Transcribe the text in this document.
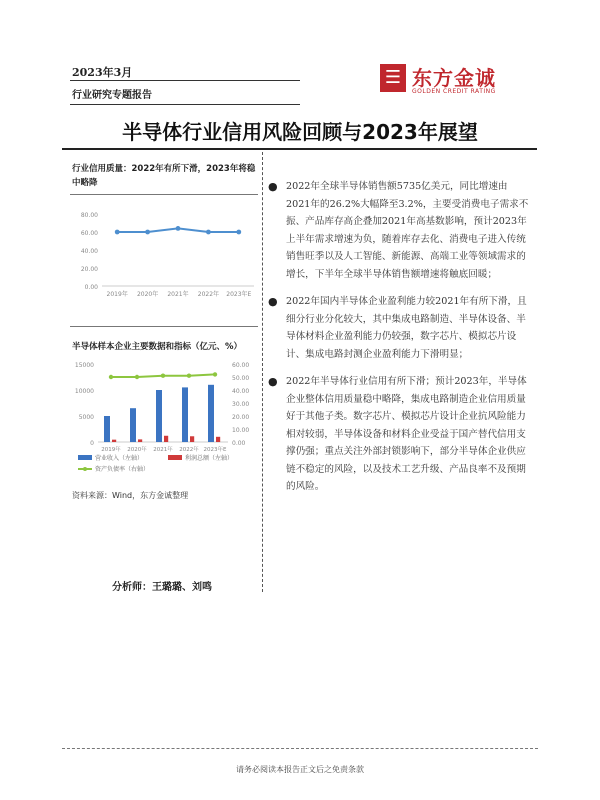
2023年3月
行业研究专题报告
☰ 东方金诚
GOLDEN CREDIT RATING
半导体行业信用风险回顾与2023年展望
行业信用质量：2022年有所下滑，2023年将稳中略降
80.00
60.00
40.00
20.00
0.00
2019年 2020年 2021年 2022年 2023年E
半导体样本企业主要数据和指标（亿元、%）
15000
10000
5000
0
60.00
50.00
40.00
30.00
20.00
10.00
0.00
2019年 2020年 2021年 2022年 2023年E
营业收入（左轴）	利润总额（左轴）
资产负债率（右轴）
资料来源：Wind，东方金诚整理
分析师：王璐璐、刘鸣
● 2022年全球半导体销售额5735亿美元，同比增速由2021年的26.2%大幅降至3.2%，主要受消费电子需求不振、产品库存高企叠加2021年高基数影响，预计2023年上半年需求增速为负，随着库存去化、消费电子进入传统销售旺季以及人工智能、新能源、高端工业等领域需求的增长，下半年全球半导体销售额增速将触底回暖；
● 2022年国内半导体企业盈利能力较2021年有所下滑，且细分行业分化较大，其中集成电路制造、半导体设备、半导体材料企业盈利能力仍较强，数字芯片、模拟芯片设计、集成电路封测企业盈利能力下滑明显；
● 2022年半导体行业信用有所下滑；预计2023年，半导体企业整体信用质量稳中略降，集成电路制造企业信用质量好于其他子类。数字芯片、模拟芯片设计企业抗风险能力相对较弱，半导体设备和材料企业受益于国产替代信用支撑仍强；重点关注外部封锁影响下，部分半导体企业供应链不稳定的风险，以及技术工艺升级、产品良率不及预期的风险。
请务必阅读本报告正文后之免责条款
